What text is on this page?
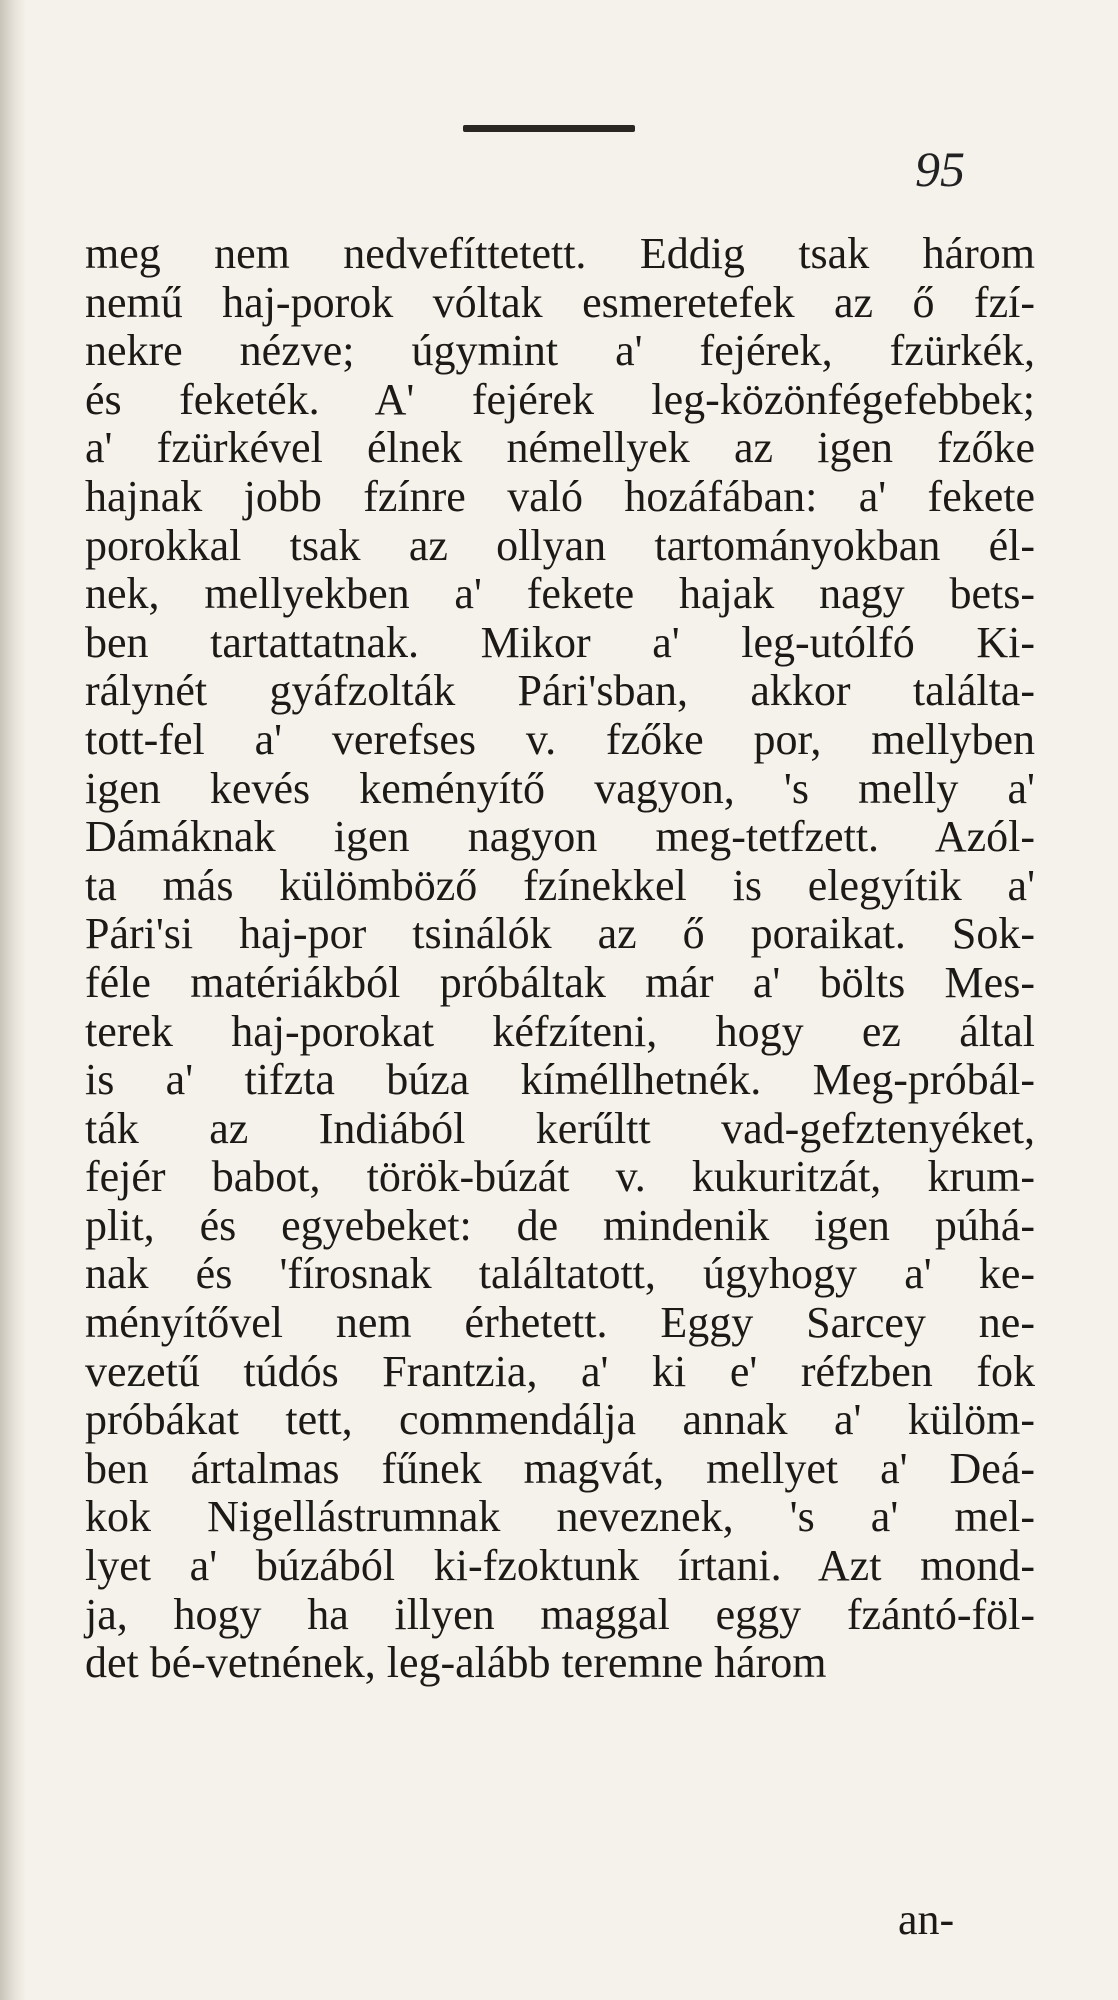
95
meg nem nedvefíttetett. Eddig tsak három
nemű haj-porok vóltak esmeretefek az ő fzí-
nekre nézve; úgymint a' fejérek, fzürkék,
és feketék. A' fejérek leg-közönfégefebbek;
a' fzürkével élnek némellyek az igen fzőke
hajnak jobb fzínre való hozáfában: a' fekete
porokkal tsak az ollyan tartományokban él-
nek, mellyekben a' fekete hajak nagy bets-
ben tartattatnak. Mikor a' leg-utólfó Ki-
rálynét gyáfzolták Pári'sban, akkor találta-
tott-fel a' verefses v. fzőke por, mellyben
igen kevés keményítő vagyon, 's melly a'
Dámáknak igen nagyon meg-tetfzett. Azól-
ta más külömböző fzínekkel is elegyítik a'
Pári'si haj-por tsinálók az ő poraikat. Sok-
féle matériákból próbáltak már a' bölts Mes-
terek haj-porokat kéfzíteni, hogy ez által
is a' tifzta búza kíméllhetnék. Meg-próbál-
ták az Indiából kerűltt vad-gefztenyéket,
fejér babot, török-búzát v. kukuritzát, krum-
plit, és egyebeket: de mindenik igen púhá-
nak és 'fírosnak találtatott, úgyhogy a' ke-
ményítővel nem érhetett. Eggy Sarcey ne-
vezetű túdós Frantzia, a' ki e' réfzben fok
próbákat tett, commendálja annak a' külöm-
ben ártalmas fűnek magvát, mellyet a' Deá-
kok Nigellástrumnak neveznek, 's a' mel-
lyet a' búzából ki-fzoktunk írtani. Azt mond-
ja, hogy ha illyen maggal eggy fzántó-föl-
det bé-vetnének, leg-alább teremne három
an-
